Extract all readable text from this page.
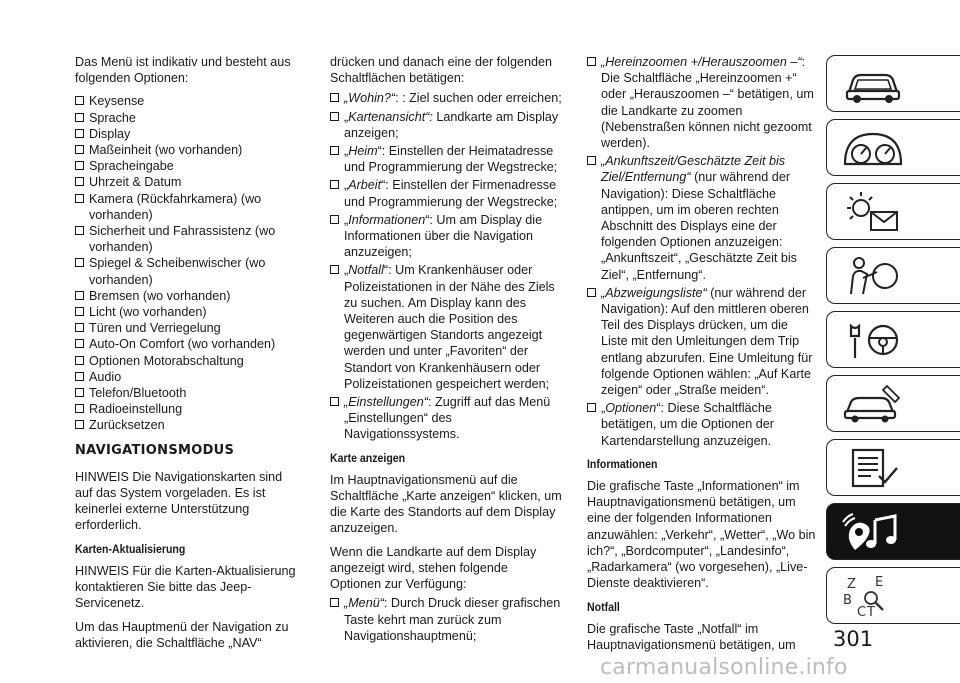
Das Menü ist indikativ und besteht aus folgenden Optionen:

Keysense
Sprache
Display
Maßeinheit (wo vorhanden)
Spracheingabe
Uhrzeit & Datum
Kamera (Rückfahrkamera) (wo vorhanden)
Sicherheit und Fahrassistenz (wo vorhanden)
Spiegel & Scheibenwischer (wo vorhanden)
Bremsen (wo vorhanden)
Licht (wo vorhanden)
Türen und Verriegelung
Auto-On Comfort (wo vorhanden)
Optionen Motorabschaltung
Audio
Telefon/Bluetooth
Radioeinstellung
Zurücksetzen
NAVIGATIONSMODUS

HINWEIS Die Navigationskarten sind auf das System vorgeladen. Es ist keinerlei externe Unterstützung erforderlich.

Karten-Aktualisierung

HINWEIS Für die Karten-Aktualisierung kontaktieren Sie bitte das Jeep-Servicenetz.

Um das Hauptmenü der Navigation zu aktivieren, die Schaltfläche „NAV“

drücken und danach eine der folgenden Schaltflächen betätigen:

„Wohin?“: : Ziel suchen oder erreichen;
„Kartenansicht“: Landkarte am Display anzeigen;
„Heim“: Einstellen der Heimatadresse und Programmierung der Wegstrecke;
„Arbeit“: Einstellen der Firmenadresse und Programmierung der Wegstrecke;
„Informationen“: Um am Display die Informationen über die Navigation anzuzeigen;
„Notfall“: Um Krankenhäuser oder Polizeistationen in der Nähe des Ziels zu suchen. Am Display kann des Weiteren auch die Position des gegenwärtigen Standorts angezeigt werden und unter „Favoriten“ der Standort von Krankenhäusern oder Polizeistationen gespeichert werden;
„Einstellungen“: Zugriff auf das Menü „Einstellungen“ des Navigationssystems.
Karte anzeigen

Im Hauptnavigationsmenü auf die Schaltfläche „Karte anzeigen“ klicken, um die Karte des Standorts auf dem Display anzuzeigen.

Wenn die Landkarte auf dem Display angezeigt wird, stehen folgende Optionen zur Verfügung:

„Menü“: Durch Druck dieser grafischen Taste kehrt man zurück zum Navigationshauptmenü;
„Hereinzoomen +/Herauszoomen –“: Die Schaltfläche „Hereinzoomen +“ oder „Herauszoomen –“ betätigen, um die Landkarte zu zoomen (Nebenstraßen können nicht gezoomt werden).
„Ankunftszeit/Geschätzte Zeit bis Ziel/Entfernung“ (nur während der Navigation): Diese Schaltfläche antippen, um im oberen rechten Abschnitt des Displays eine der folgenden Optionen anzuzeigen: „Ankunftszeit“, „Geschätzte Zeit bis Ziel“, „Entfernung“.
„Abzweigungsliste“ (nur während der Navigation): Auf den mittleren oberen Teil des Displays drücken, um die Liste mit den Umleitungen dem Trip entlang abzurufen. Eine Umleitung für folgende Optionen wählen: „Auf Karte zeigen“ oder „Straße meiden“.
„Optionen“: Diese Schaltfläche betätigen, um die Optionen der Kartendarstellung anzuzeigen.
Informationen

Die grafische Taste „Informationen“ im Hauptnavigationsmenü betätigen, um eine der folgenden Informationen anzuwählen: „Verkehr“, „Wetter“, „Wo bin ich?“, „Bordcomputer“, „Landesinfo“, „Radarkamera“ (wo vorgesehen), „Live-Dienste deaktivieren“.

Notfall

Die grafische Taste „Notfall“ im Hauptnavigationsmenü betätigen, um

Z E
B
C T
301
carmanualsonline.info
